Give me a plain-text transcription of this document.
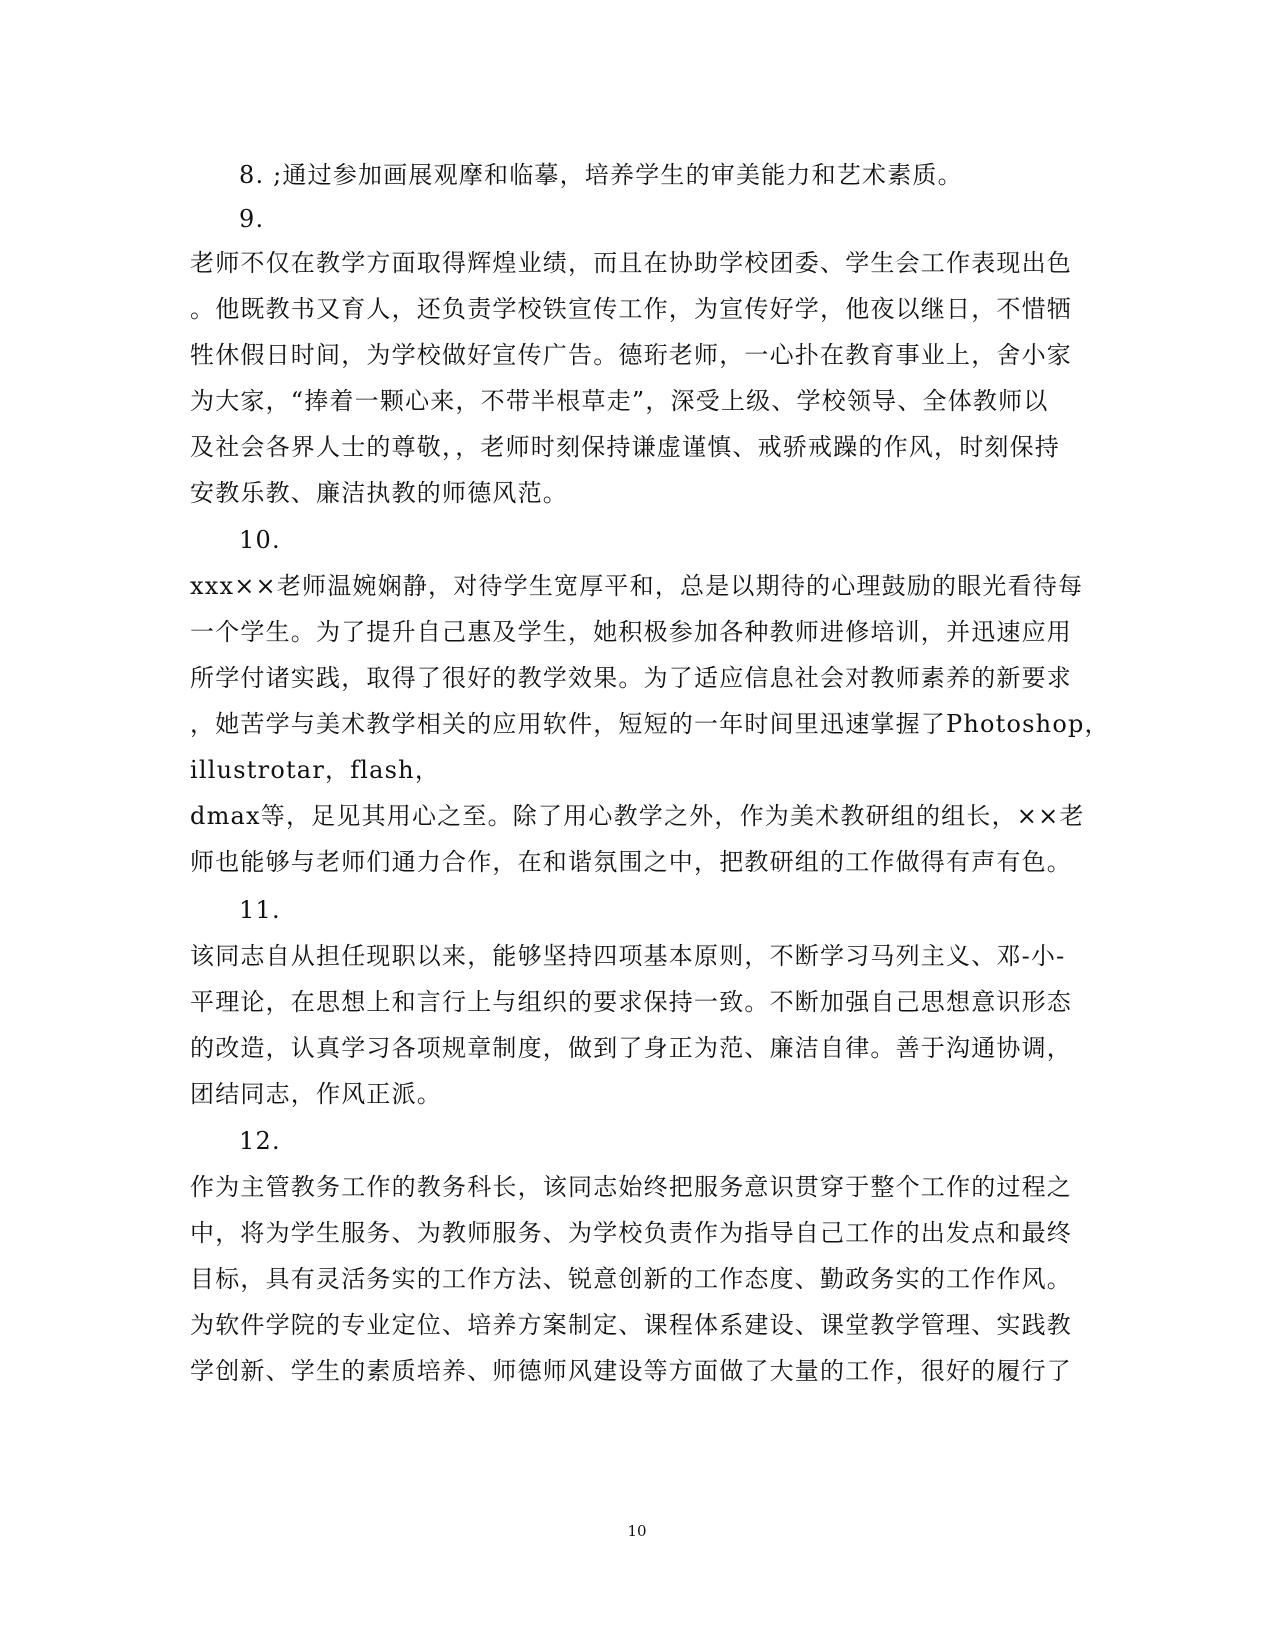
8. ;通过参加画展观摩和临摹，培养学生的审美能力和艺术素质。
9.
老师不仅在教学方面取得辉煌业绩，而且在协助学校团委、学生会工作表现出色
。他既教书又育人，还负责学校铁宣传工作，为宣传好学，他夜以继日，不惜牺
牲休假日时间，为学校做好宣传广告。德珩老师，一心扑在教育事业上，舍小家
为大家，“捧着一颗心来，不带半根草走”，深受上级、学校领导、全体教师以
及社会各界人士的尊敬，，老师时刻保持谦虚谨慎、戒骄戒躁的作风，时刻保持
安教乐教、廉洁执教的师德风范。
10.
xxx××老师温婉娴静，对待学生宽厚平和，总是以期待的心理鼓励的眼光看待每
一个学生。为了提升自己惠及学生，她积极参加各种教师进修培训，并迅速应用
所学付诸实践，取得了很好的教学效果。为了适应信息社会对教师素养的新要求
，她苦学与美术教学相关的应用软件，短短的一年时间里迅速掌握了Photoshop，
illustrotar，flash，
dmax等，足见其用心之至。除了用心教学之外，作为美术教研组的组长，××老
师也能够与老师们通力合作，在和谐氛围之中，把教研组的工作做得有声有色。
11.
该同志自从担任现职以来，能够坚持四项基本原则，不断学习马列主义、邓-小-
平理论，在思想上和言行上与组织的要求保持一致。不断加强自己思想意识形态
的改造，认真学习各项规章制度，做到了身正为范、廉洁自律。善于沟通协调，
团结同志，作风正派。
12.
作为主管教务工作的教务科长，该同志始终把服务意识贯穿于整个工作的过程之
中，将为学生服务、为教师服务、为学校负责作为指导自己工作的出发点和最终
目标，具有灵活务实的工作方法、锐意创新的工作态度、勤政务实的工作作风。
为软件学院的专业定位、培养方案制定、课程体系建设、课堂教学管理、实践教
学创新、学生的素质培养、师德师风建设等方面做了大量的工作，很好的履行了
10
